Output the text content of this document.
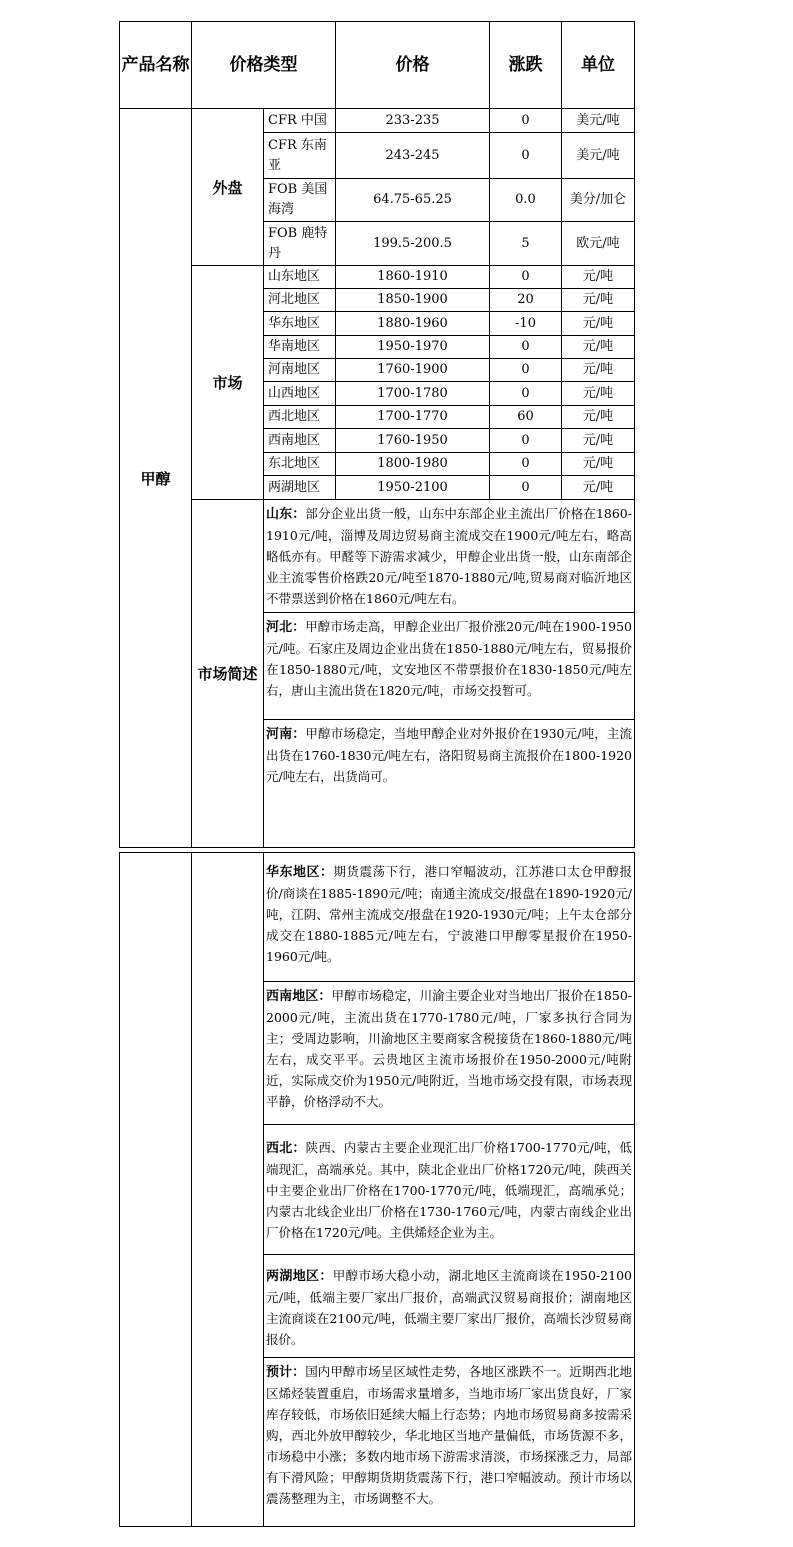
产品名称	价格类型		价格	涨跌	单位
甲醇	外盘	CFR 中国	233-235	0	美元/吨
		CFR 东南亚	243-245	0	美元/吨
		FOB 美国海湾	64.75-65.25	0.0	美分/加仑
		FOB 鹿特丹	199.5-200.5	5	欧元/吨
	市场	山东地区	1860-1910	0	元/吨
		河北地区	1850-1900	20	元/吨
		华东地区	1880-1960	-10	元/吨
		华南地区	1950-1970	0	元/吨
		河南地区	1760-1900	0	元/吨
		山西地区	1700-1780	0	元/吨
		西北地区	1700-1770	60	元/吨
		西南地区	1760-1950	0	元/吨
		东北地区	1800-1980	0	元/吨
		两湖地区	1950-2100	0	元/吨
	市场简述	山东：部分企业出货一般，山东中东部企业主流出厂价格在1860-1910元/吨，淄博及周边贸易商主流成交在1900元/吨左右，略高略低亦有。甲醛等下游需求减少，甲醇企业出货一般，山东南部企业主流零售价格跌20元/吨至1870-1880元/吨,贸易商对临沂地区不带票送到价格在1860元/吨左右。			
		河北：甲醇市场走高，甲醇企业出厂报价涨20元/吨在1900-1950元/吨。石家庄及周边企业出货在1850-1880元/吨左右，贸易报价在1850-1880元/吨，文安地区不带票报价在1830-1850元/吨左右，唐山主流出货在1820元/吨，市场交投暂可。			
		河南：甲醇市场稳定，当地甲醇企业对外报价在1930元/吨，主流出货在1760-1830元/吨左右，洛阳贸易商主流报价在1800-1920元/吨左右，出货尚可。			

		华东地区：期货震荡下行，港口窄幅波动，江苏港口太仓甲醇报价/商谈在1885-1890元/吨；南通主流成交/报盘在1890-1920元/吨，江阴、常州主流成交/报盘在1920-1930元/吨；上午太仓部分成交在1880-1885元/吨左右，宁波港口甲醇零星报价在1950-1960元/吨。
西南地区：甲醇市场稳定，川渝主要企业对当地出厂报价在1850-2000元/吨，主流出货在1770-1780元/吨，厂家多执行合同为主；受周边影响，川渝地区主要商家含税接货在1860-1880元/吨左右，成交平平。云贵地区主流市场报价在1950-2000元/吨附近，实际成交价为1950元/吨附近，当地市场交投有限，市场表现平静，价格浮动不大。
西北：陕西、内蒙古主要企业现汇出厂价格1700-1770元/吨，低端现汇，高端承兑。其中，陕北企业出厂价格1720元/吨，陕西关中主要企业出厂价格在1700-1770元/吨，低端现汇，高端承兑；内蒙古北线企业出厂价格在1730-1760元/吨，内蒙古南线企业出厂价格在1720元/吨。主供烯烃企业为主。
两湖地区：甲醇市场大稳小动，湖北地区主流商谈在1950-2100元/吨，低端主要厂家出厂报价，高端武汉贸易商报价；湖南地区主流商谈在2100元/吨，低端主要厂家出厂报价，高端长沙贸易商报价。
预计：国内甲醇市场呈区域性走势，各地区涨跌不一。近期西北地区烯烃装置重启，市场需求量增多，当地市场厂家出货良好，厂家库存较低，市场依旧延续大幅上行态势；内地市场贸易商多按需采购，西北外放甲醇较少，华北地区当地产量偏低，市场货源不多，市场稳中小涨；多数内地市场下游需求清淡，市场探涨乏力，局部有下滑风险；甲醇期货期货震荡下行，港口窄幅波动。预计市场以震荡整理为主，市场调整不大。
